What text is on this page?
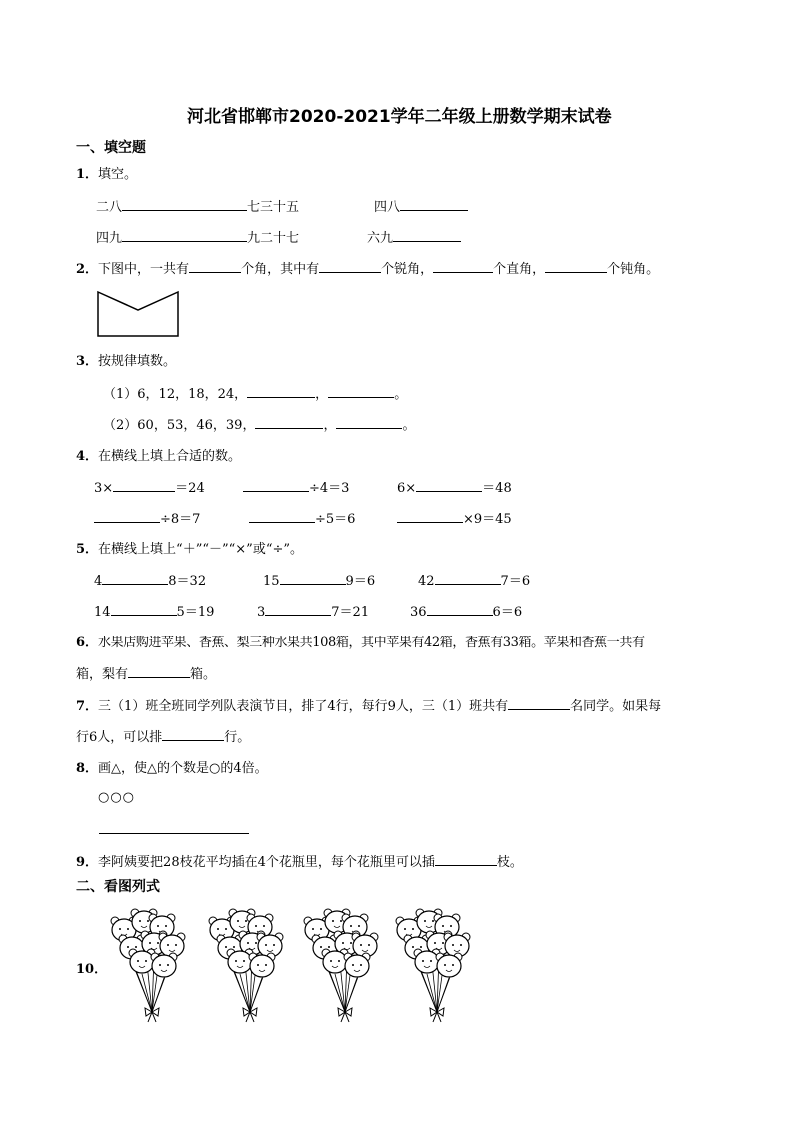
河北省邯郸市2020-2021学年二年级上册数学期末试卷
一、填空题
1．填空。
二八	七三十五	四八
四九	九二十七	六九
2．下图中，一共有	个角，其中有	个锐角，	个直角，	个钝角。
3．按规律填数。
（1）6，12，18，24，	，	。
（2）60，53，46，39，	，	。
4．在横线上填上合适的数。
3×	＝24	÷4＝3	6×	＝48
÷8＝7	÷5＝6	×9＝45
5．在横线上填上“＋”“－”“×”或“÷”。
4	8＝32	15	9＝6	42	7＝6
14	5＝19	3	7＝21	36	6＝6
6．水果店购进苹果、香蕉、梨三种水果共108箱，其中苹果有42箱，香蕉有33箱。苹果和香蕉一共有
箱，梨有	箱。
7．三（1）班全班同学列队表演节目，排了4行，每行9人，三（1）班共有	名同学。如果每
行6人，可以排	行。
8．画△，使△的个数是○的4倍。
○○○
9．李阿姨要把28枝花平均插在4个花瓶里，每个花瓶里可以插	枝。
二、看图列式
10．
